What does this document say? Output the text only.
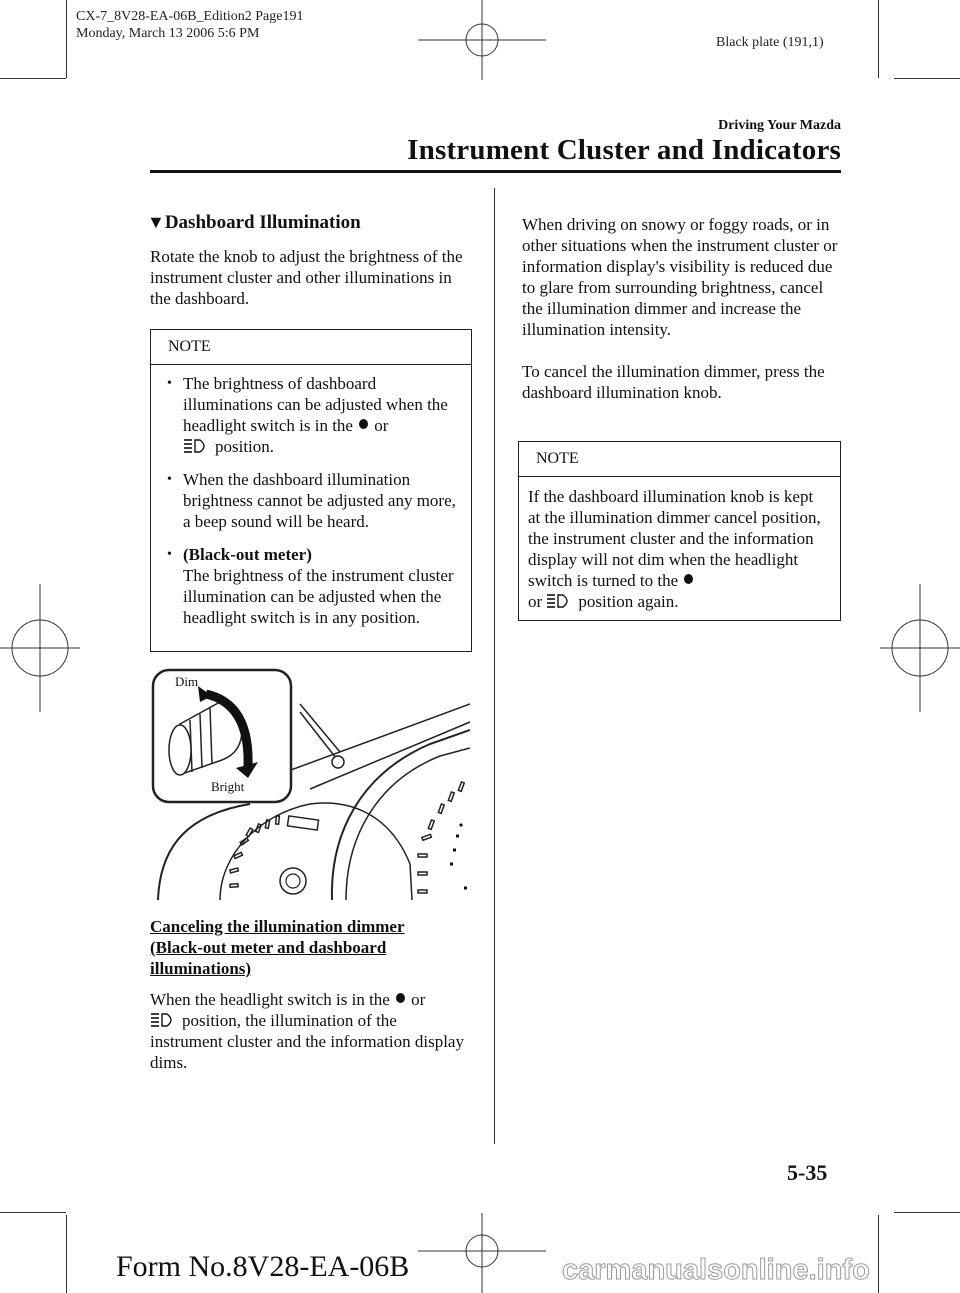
CX-7_8V28-EA-06B_Edition2 Page191
Monday, March 13 2006 5:6 PM
Black plate (191,1)
Driving Your Mazda
Instrument Cluster and Indicators
▼Dashboard Illumination

Rotate the knob to adjust the brightness of the instrument cluster and other illuminations in the dashboard.

NOTE
• The brightness of dashboard illuminations can be adjusted when the headlight switch is in the or
position.
• When the dashboard illumination brightness cannot be adjusted any more, a beep sound will be heard.
• (Black-out meter)
The brightness of the instrument cluster illumination can be adjusted when the headlight switch is in any position.
Dim
Bright
Canceling the illumination dimmer (Black-out meter and dashboard illuminations)

When the headlight switch is in the or
position, the illumination of the instrument cluster and the information display dims.

When driving on snowy or foggy roads, or in other situations when the instrument cluster or information display's visibility is reduced due to glare from surrounding brightness, cancel the illumination dimmer and increase the illumination intensity.

To cancel the illumination dimmer, press the dashboard illumination knob.

NOTE
If the dashboard illumination knob is kept at the illumination dimmer cancel position, the instrument cluster and the information display will not dim when the headlight switch is turned to the
or position again.
5-35
Form No.8V28-EA-06B	carmanualsonline.info
